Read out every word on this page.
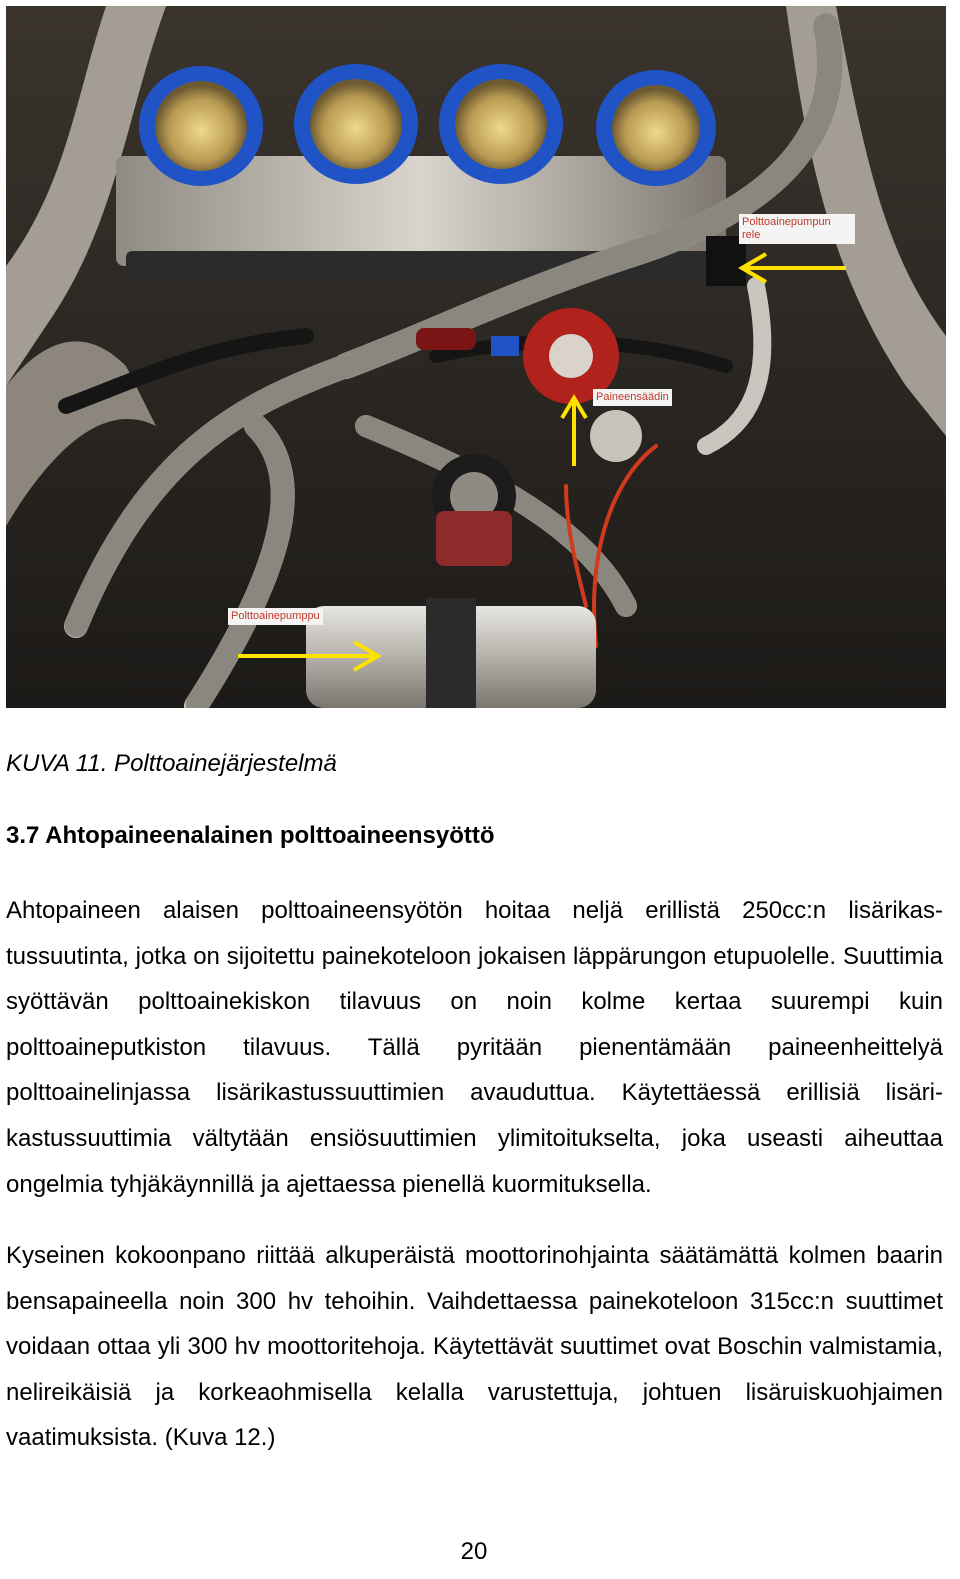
Polttoainepumpun
rele
Paineensäädin
Polttoainepumppu

KUVA 11. Polttoainejärjestelmä

3.7 Ahtopaineenalainen polttoaineensyöttö

Ahtopaineen alaisen polttoaineensyötön hoitaa neljä erillistä 250cc:n lisärikas-tussuutinta, jotka on sijoitettu painekoteloon jokaisen läppärungon etupuolelle. Suuttimia syöttävän polttoainekiskon tilavuus on noin kolme kertaa suurempi kuin polttoaineputkiston tilavuus. Tällä pyritään pienentämään paineenheittelyä polttoainelinjassa lisärikastussuuttimien avauduttua. Käytettäessä erillisiä lisäri-kastussuuttimia vältytään ensiösuuttimien ylimitoitukselta, joka useasti aiheuttaa ongelmia tyhjäkäynnillä ja ajettaessa pienellä kuormituksella.

Kyseinen kokoonpano riittää alkuperäistä moottorinohjainta säätämättä kolmen baarin bensapaineella noin 300 hv tehoihin. Vaihdettaessa painekoteloon 315cc:n suuttimet voidaan ottaa yli 300 hv moottoritehoja. Käytettävät suuttimet ovat Boschin valmistamia, nelireikäisiä ja korkeaohmisella kelalla varustettuja, johtuen lisäruiskuohjaimen vaatimuksista. (Kuva 12.)

20
